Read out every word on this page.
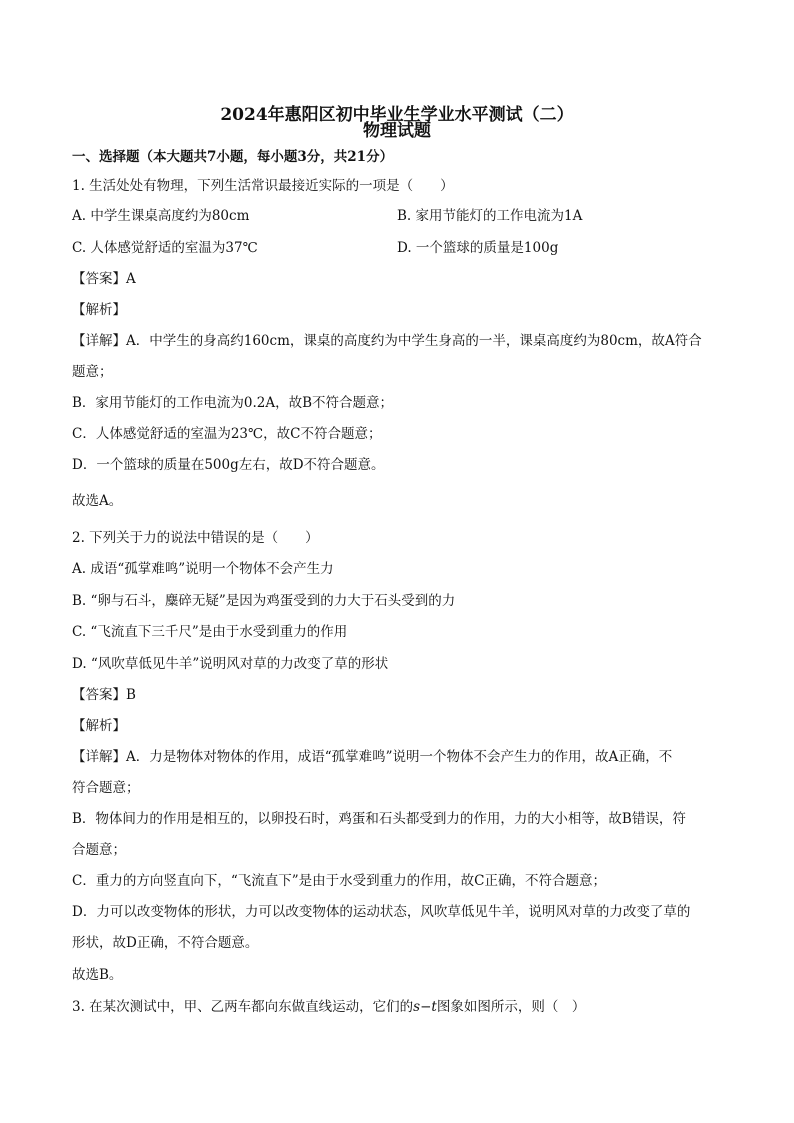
2024年惠阳区初中毕业生学业水平测试（二）
物理试题
一、选择题（本大题共7小题，每小题3分，共21分）
1. 生活处处有物理，下列生活常识最接近实际的一项是（　　）
A. 中学生课桌高度约为80cm	B. 家用节能灯的工作电流为1A
C. 人体感觉舒适的室温为37℃	D. 一个篮球的质量是100g
【答案】A
【解析】
【详解】A．中学生的身高约160cm，课桌的高度约为中学生身高的一半，课桌高度约为80cm，故A符合
题意；
B．家用节能灯的工作电流为0.2A，故B不符合题意；
C．人体感觉舒适的室温为23℃，故C不符合题意；
D．一个篮球的质量在500g左右，故D不符合题意。
故选A。
2. 下列关于力的说法中错误的是（　　）
A. 成语“孤掌难鸣”说明一个物体不会产生力
B. “卵与石斗，麋碎无疑”是因为鸡蛋受到的力大于石头受到的力
C. “飞流直下三千尺”是由于水受到重力的作用
D. “风吹草低见牛羊”说明风对草的力改变了草的形状
【答案】B
【解析】
【详解】A．力是物体对物体的作用，成语“孤掌难鸣”说明一个物体不会产生力的作用，故A正确，不
符合题意；
B．物体间力的作用是相互的，以卵投石时，鸡蛋和石头都受到力的作用，力的大小相等，故B错误，符
合题意；
C．重力的方向竖直向下，“飞流直下”是由于水受到重力的作用，故C正确，不符合题意；
D．力可以改变物体的形状，力可以改变物体的运动状态，风吹草低见牛羊，说明风对草的力改变了草的
形状，故D正确，不符合题意。
故选B。
3. 在某次测试中，甲、乙两车都向东做直线运动，它们的s−t图象如图所示，则（　）
